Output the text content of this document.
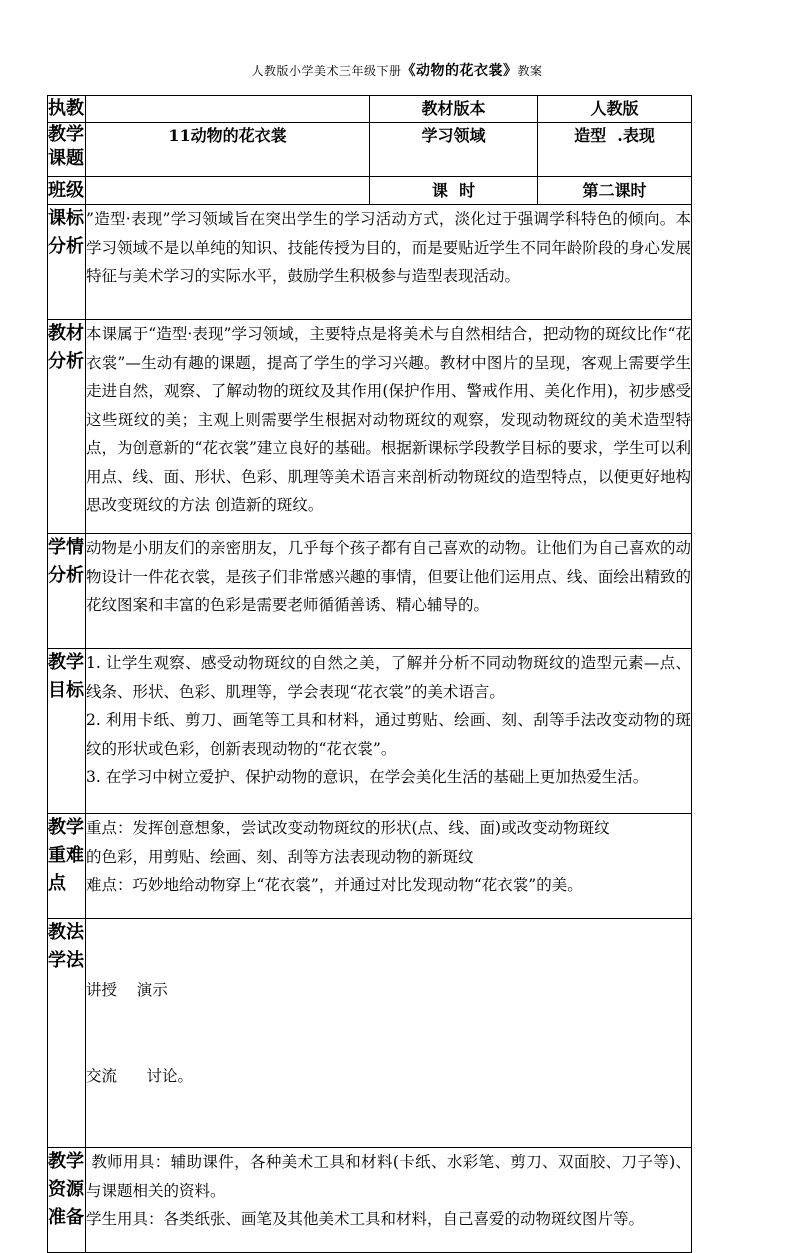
人教版小学美术三年级下册《动物的花衣裳》教案
执教		教材版本	人教版
教学课题	11动物的花衣裳	学习领域	造型  .表现
班级		课  时	第二课时
课标分析	”造型·表现”学习领域旨在突出学生的学习活动方式，淡化过于强调学科特色的倾向。本学习领域不是以单纯的知识、技能传授为目的，而是要贴近学生不同年龄阶段的身心发展特征与美术学习的实际水平，鼓励学生积极参与造型表现活动。		

教材分析	本课属于“造型·表现”学习领域，主要特点是将美术与自然相结合，把动物的斑纹比作“花衣裳”—生动有趣的课题，提高了学生的学习兴趣。教材中图片的呈现，客观上需要学生走进自然，观察、了解动物的斑纹及其作用(保护作用、警戒作用、美化作用)，初步感受这些斑纹的美；主观上则需要学生根据对动物斑纹的观察，发现动物斑纹的美术造型特点，为创意新的“花衣裳”建立良好的基础。根据新课标学段教学目标的要求，学生可以利用点、线、面、形状、色彩、肌理等美术语言来剖析动物斑纹的造型特点，以便更好地构思改变斑纹的方法 创造新的斑纹。		

学情分析	动物是小朋友们的亲密朋友，几乎每个孩子都有自己喜欢的动物。让他们为自己喜欢的动物设计一件花衣裳，是孩子们非常感兴趣的事情，但要让他们运用点、线、面绘出精致的花纹图案和丰富的色彩是需要老师循循善诱、精心辅导的。		

教学目标	1. 让学生观察、感受动物斑纹的自然之美，了解并分析不同动物斑纹的造型元素—点、线条、形状、色彩、肌理等，学会表现“花衣裳”的美术语言。

2. 利用卡纸、剪刀、画笔等工具和材料，通过剪贴、绘画、刻、刮等手法改变动物的斑纹的形状或色彩，创新表现动物的“花衣裳”。

3. 在学习中树立爱护、保护动物的意识，在学会美化生活的基础上更加热爱生活。		

教学重难点	重点：发挥创意想象，尝试改变动物斑纹的形状(点、线、面)或改变动物斑纹

的色彩，用剪贴、绘画、刻、刮等方法表现动物的新斑纹

难点：巧妙地给动物穿上“花衣裳”，并通过对比发现动物“花衣裳”的美。		

教法学法	讲授    演示

交流      讨论。		

教学资源准备	教师用具：辅助课件，各种美术工具和材料(卡纸、水彩笔、剪刀、双面胶、刀子等)、与课题相关的资料。

学生用具：各类纸张、画笔及其他美术工具和材料，自己喜爱的动物斑纹图片等。		
